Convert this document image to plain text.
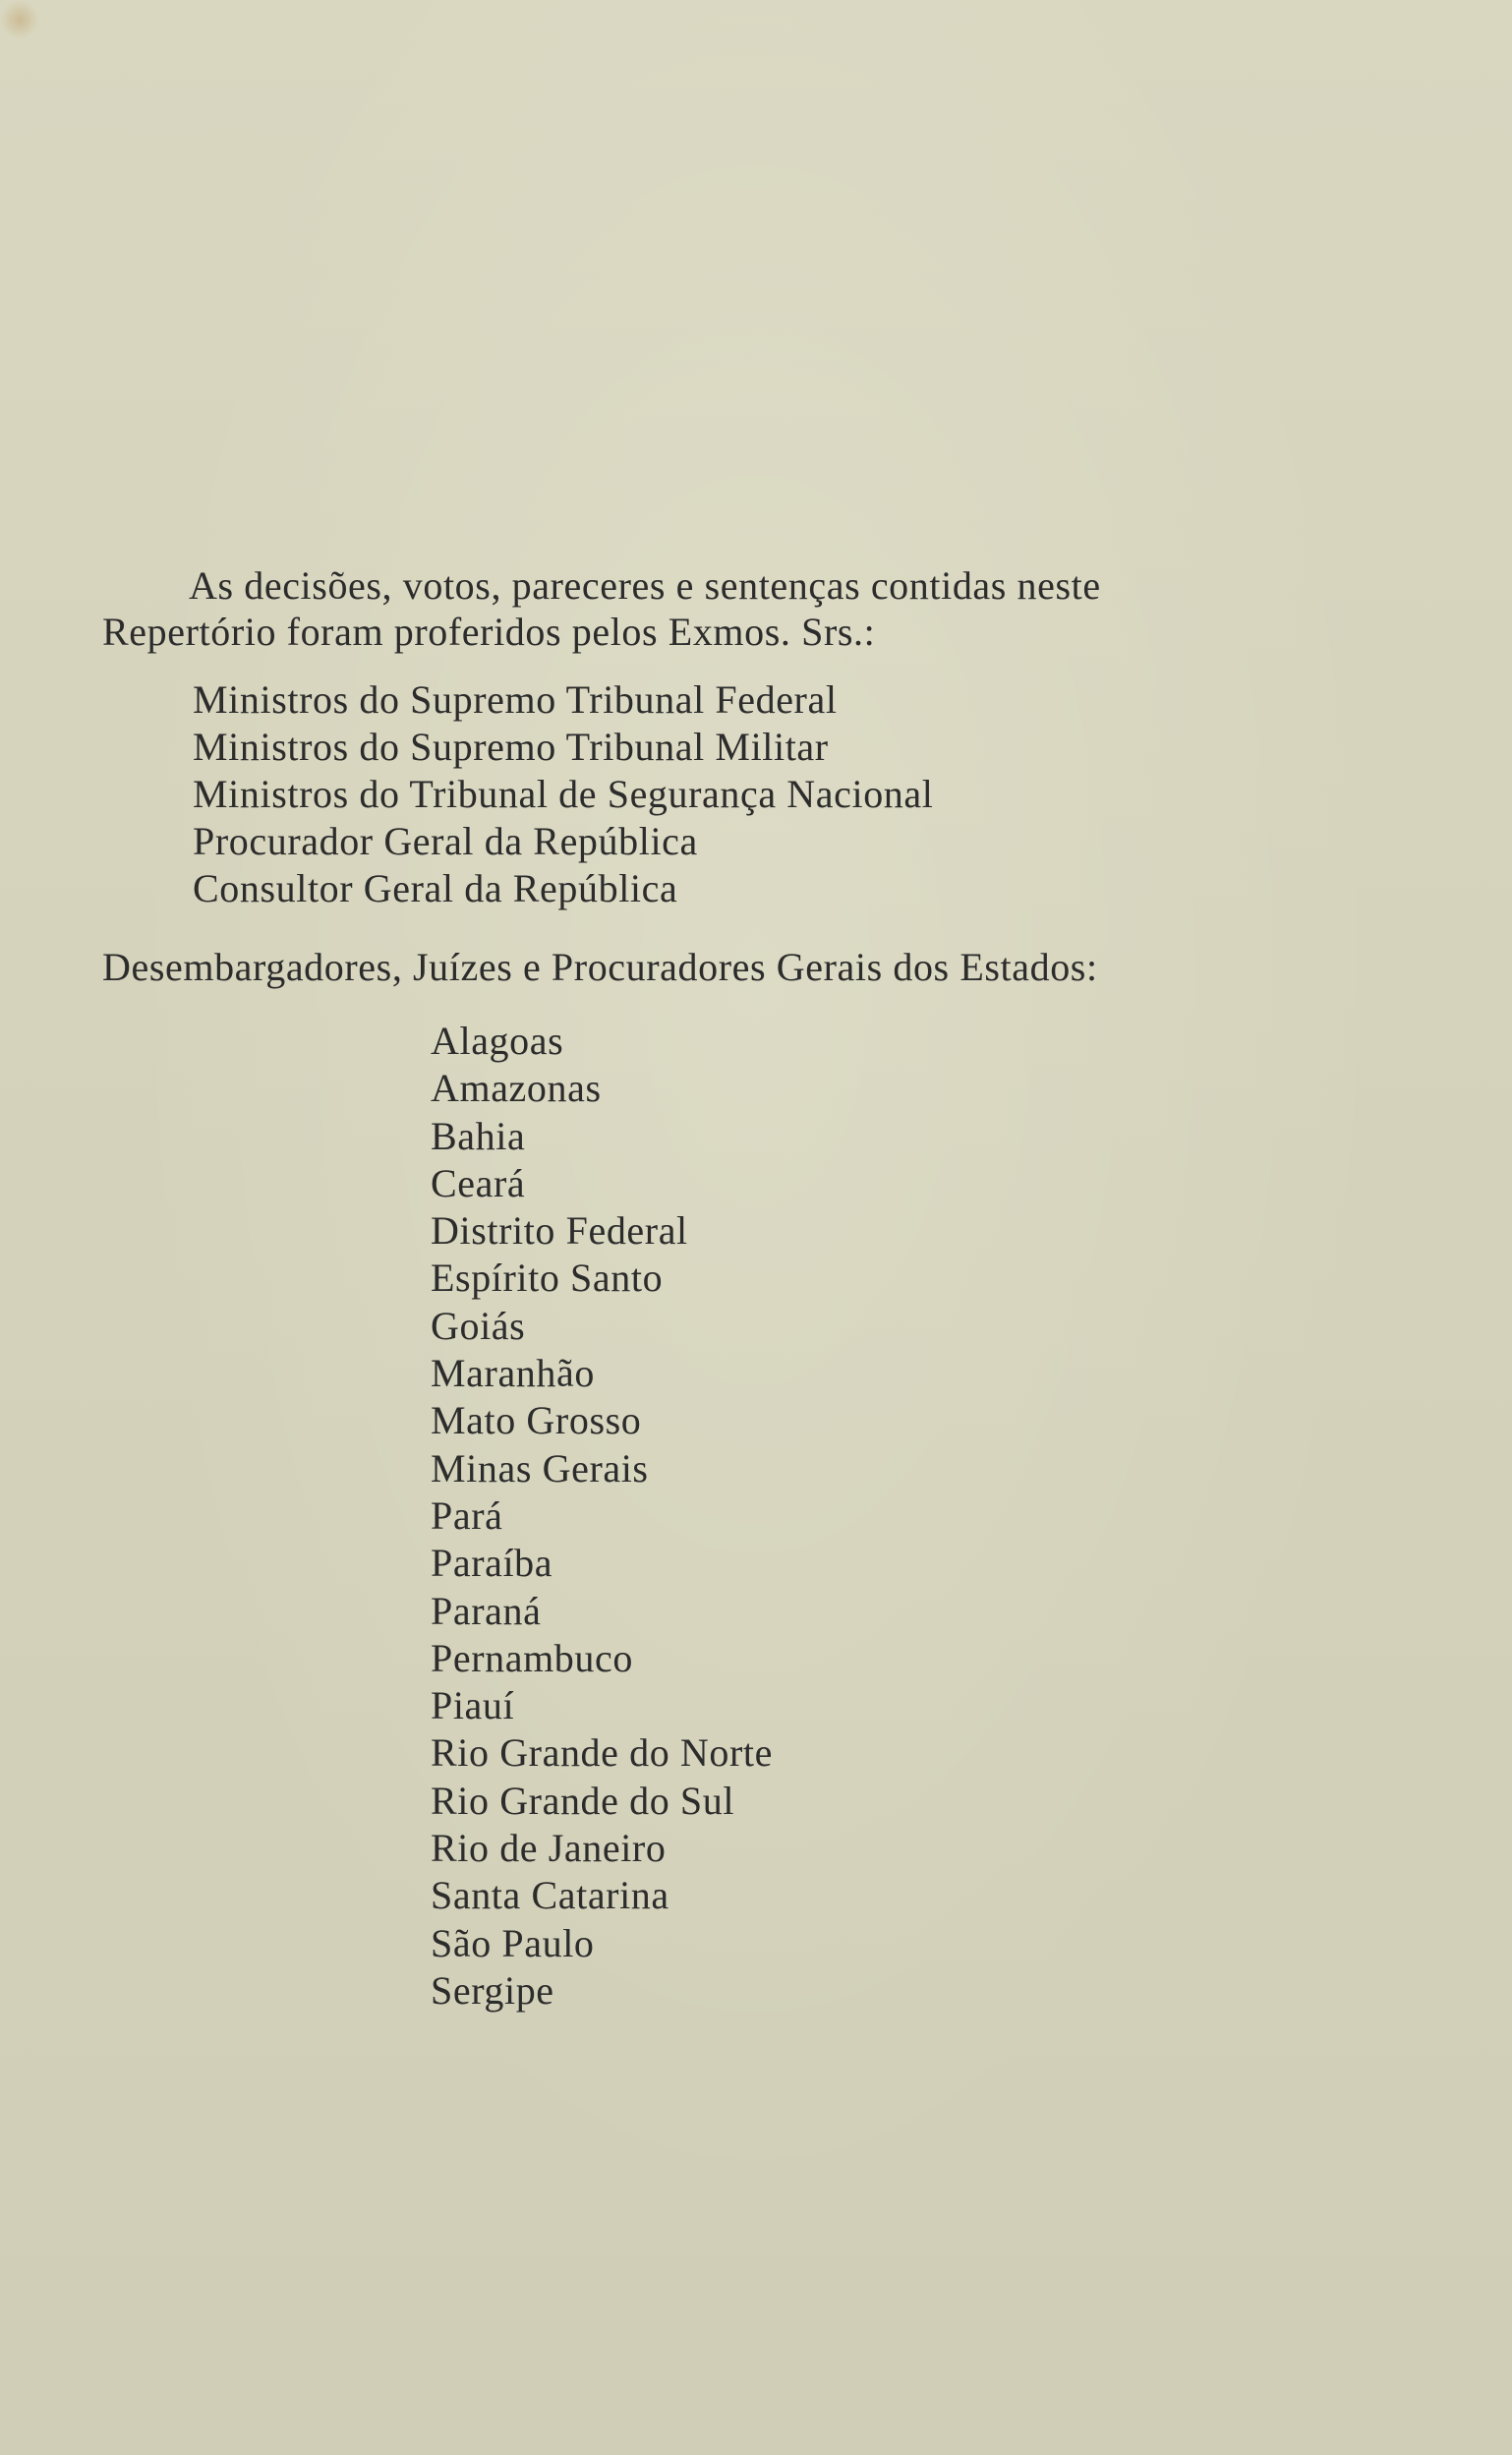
As decisões, votos, pareceres e sentenças contidas neste
Repertório foram proferidos pelos Exmos. Srs.:
Ministros do Supremo Tribunal Federal
Ministros do Supremo Tribunal Militar
Ministros do Tribunal de Segurança Nacional
Procurador Geral da República
Consultor Geral da República
Desembargadores, Juízes e Procuradores Gerais dos Estados:
Alagoas
Amazonas
Bahia
Ceará
Distrito Federal
Espírito Santo
Goiás
Maranhão
Mato Grosso
Minas Gerais
Pará
Paraíba
Paraná
Pernambuco
Piauí
Rio Grande do Norte
Rio Grande do Sul
Rio de Janeiro
Santa Catarina
São Paulo
Sergipe
